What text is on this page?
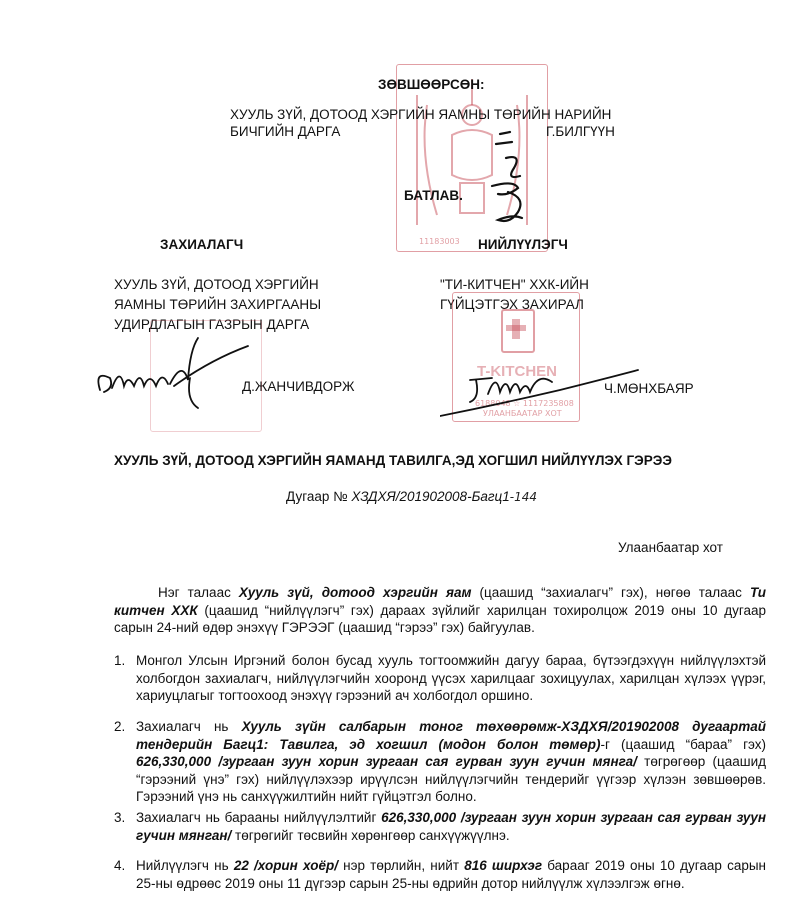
11183003
ЗӨВШӨӨРСӨН:
ХУУЛЬ ЗҮЙ, ДОТООД ХЭРГИЙН ЯАМНЫ ТӨРИЙН НАРИЙН
БИЧГИЙН ДАРГА	Г.БИЛГҮҮН
БАТЛАВ.
ЗАХИАЛАГЧ
ХУУЛЬ ЗҮЙ, ДОТООД ХЭРГИЙН
ЯАМНЫ ТӨРИЙН ЗАХИРГААНЫ
УДИРДЛАГЫН ГАЗРЫН ДАРГА
Д.ЖАНЧИВДОРЖ
НИЙЛҮҮЛЭГЧ
"ТИ-КИТЧЕН" ХХК-ИЙН
ГҮЙЦЭТГЭХ ЗАХИРАЛ
Ч.МӨНХБАЯР
T-KITCHEN
6188048 ☆ 1117235808
УЛААНБААТАР ХОТ
ХУУЛЬ ЗҮЙ, ДОТООД ХЭРГИЙН ЯАМАНД ТАВИЛГА,ЭД ХОГШИЛ НИЙЛҮҮЛЭХ ГЭРЭЭ
Дугаар № ХЗДХЯ/201902008-Багц1-144
Улаанбаатар хот
Нэг талаас Хууль зүй, дотоод хэргийн яам (цаашид “захиалагч” гэх), нөгөө талаас Ти китчен ХХК (цаашид “нийлүүлэгч” гэх) дараах зүйлийг харилцан тохиролцож 2019 оны 10 дугаар сарын 24-ний өдөр энэхүү ГЭРЭЭГ (цаашид “гэрээ” гэх) байгуулав.
1. Монгол Улсын Иргэний болон бусад хууль тогтоомжийн дагуу бараа, бүтээгдэхүүн нийлүүлэхтэй холбогдон захиалагч, нийлүүлэгчийн хооронд үүсэх харилцааг зохицуулах, харилцан хүлээх үүрэг, хариуцлагыг тогтоохоод энэхүү гэрээний ач холбогдол оршино.
2. Захиалагч нь Хууль зүйн салбарын тоног төхөөрөмж-ХЗДХЯ/201902008 дугаартай тендерийн Багц1: Тавилга, эд хогшил (модон болон төмөр)-г (цаашид “бараа” гэх) 626,330,000 /зургаан зуун хорин зургаан сая гурван зуун гучин мянга/ төгрөгөөр (цаашид “гэрээний үнэ” гэх) нийлүүлэхээр ирүүлсэн нийлүүлэгчийн тендерийг үүгээр хүлээн зөвшөөрөв. Гэрээний үнэ нь санхүүжилтийн нийт гүйцэтгэл болно.
3. Захиалагч нь барааны нийлүүлэлтийг 626,330,000 /зургаан зуун хорин зургаан сая гурван зуун гучин мянган/ төгрөгийг төсвийн хөрөнгөөр санхүүжүүлнэ.
4. Нийлүүлэгч нь 22 /хорин хоёр/ нэр төрлийн, нийт 816 ширхэг барааг 2019 оны 10 дугаар сарын 25-ны өдрөөс 2019 оны 11 дүгээр сарын 25-ны өдрийн дотор нийлүүлж хүлээлгэж өгнө.
